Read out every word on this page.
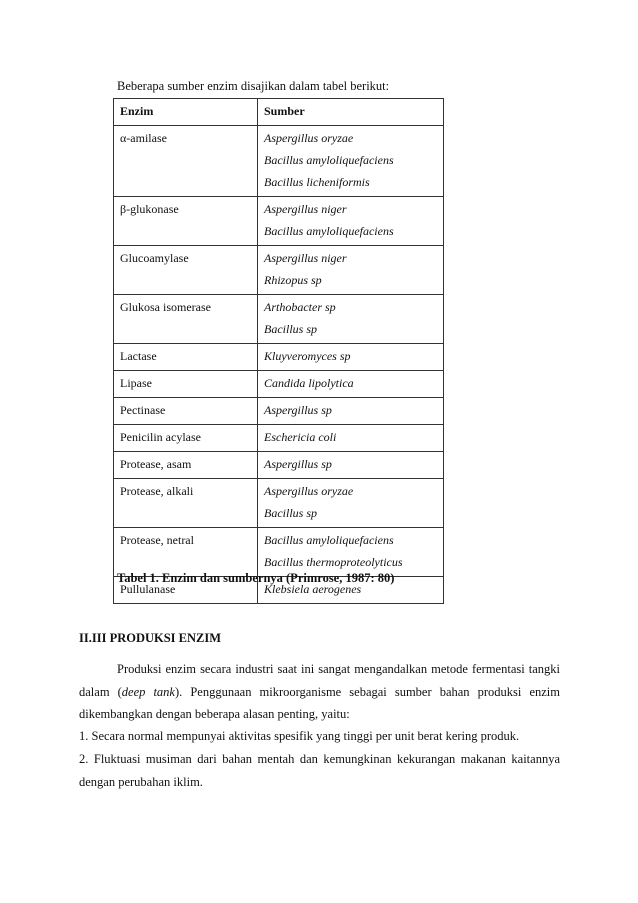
Beberapa sumber enzim disajikan dalam tabel berikut:
Enzim	Sumber
α-amilase	Aspergillus oryzae
Bacillus amyloliquefaciens
Bacillus licheniformis

β-glukonase	Aspergillus niger
Bacillus amyloliquefaciens

Glucoamylase	Aspergillus niger
Rhizopus sp

Glukosa isomerase	Arthobacter sp
Bacillus sp

Lactase	Kluyveromyces sp

Lipase	Candida lipolytica

Pectinase	Aspergillus sp

Penicilin acylase	Eschericia coli

Protease, asam	Aspergillus sp

Protease, alkali	Aspergillus oryzae
Bacillus sp

Protease, netral	Bacillus amyloliquefaciens
Bacillus thermoproteolyticus

Pullulanase	Klebsiela aerogenes
Tabel 1. Enzim dan sumbernya (Primrose, 1987: 80)
II.III PRODUKSI ENZIM
Produksi enzim secara industri saat ini sangat mengandalkan metode fermentasi tangki dalam (deep tank). Penggunaan mikroorganisme sebagai sumber bahan produksi enzim dikembangkan dengan beberapa alasan penting, yaitu:
1. Secara normal mempunyai aktivitas spesifik yang tinggi per unit berat kering produk.
2. Fluktuasi musiman dari bahan mentah dan kemungkinan kekurangan makanan kaitannya dengan perubahan iklim.
